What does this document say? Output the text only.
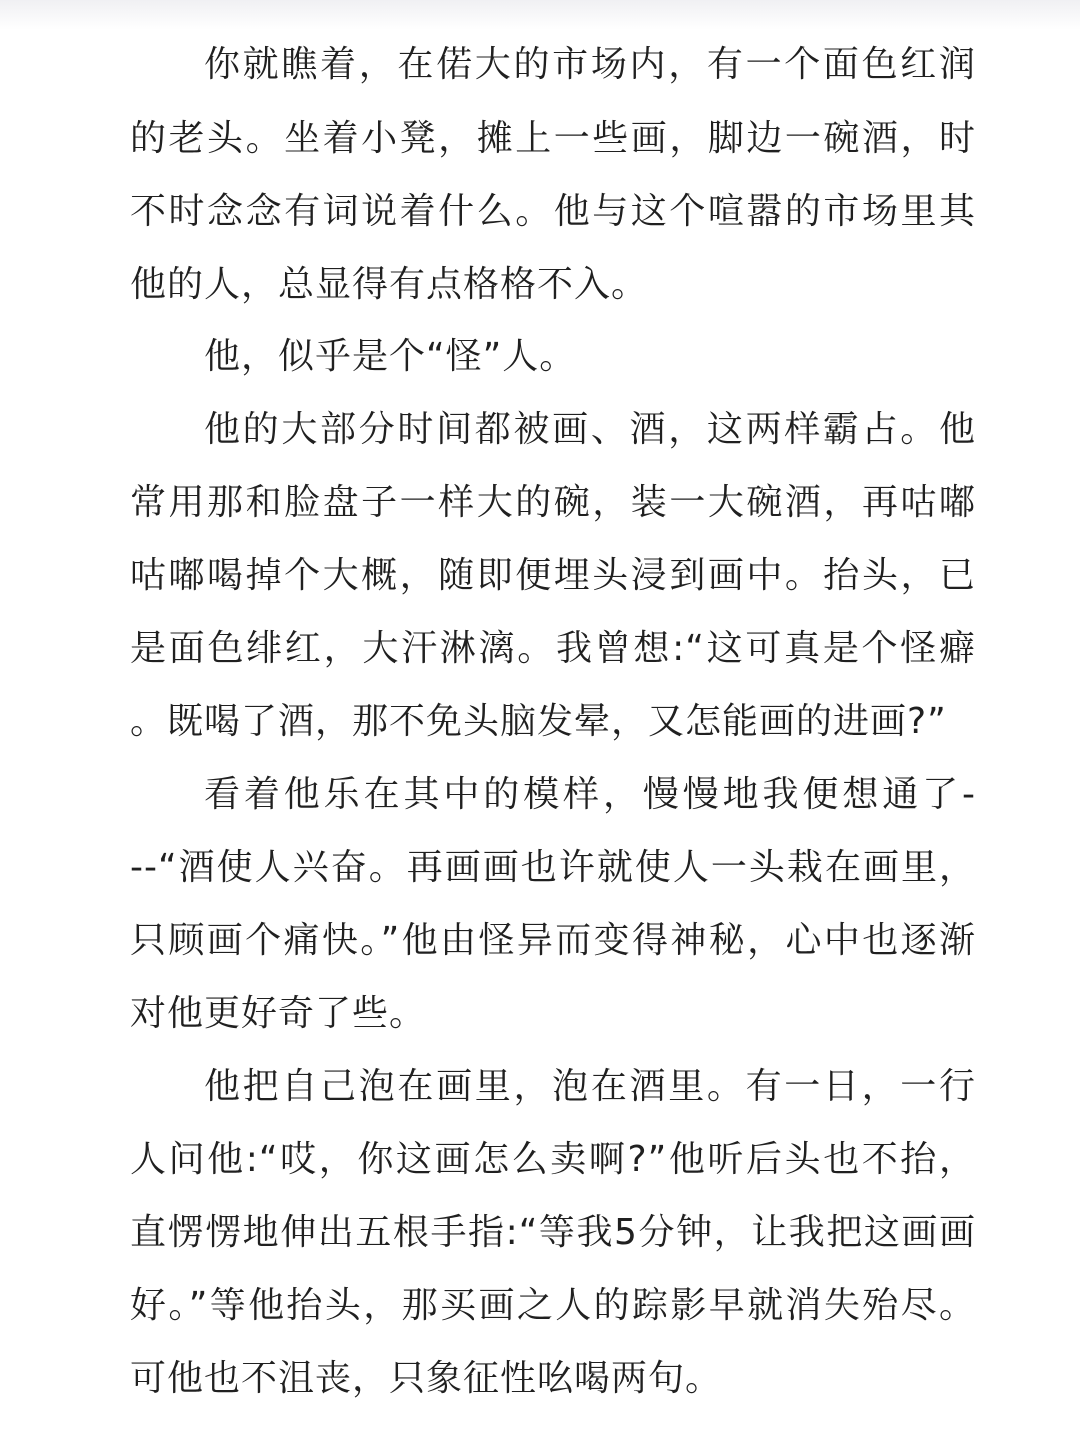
你就瞧着，在偌大的市场内，有一个面色红润
的老头。坐着小凳，摊上一些画，脚边一碗酒，时
不时念念有词说着什么。他与这个喧嚣的市场里其
他的人，总显得有点格格不入。
他，似乎是个“怪”人。
他的大部分时间都被画、酒，这两样霸占。他
常用那和脸盘子一样大的碗，装一大碗酒，再咕嘟
咕嘟喝掉个大概，随即便埋头浸到画中。抬头，已
是面色绯红，大汗淋漓。我曾想:“这可真是个怪癖
。既喝了酒，那不免头脑发晕，又怎能画的进画?”
看着他乐在其中的模样，慢慢地我便想通了-
--“酒使人兴奋。再画画也许就使人一头栽在画里，
只顾画个痛快。”他由怪异而变得神秘，心中也逐渐
对他更好奇了些。
他把自己泡在画里，泡在酒里。有一日，一行
人问他:“哎，你这画怎么卖啊?”他听后头也不抬，
直愣愣地伸出五根手指:“等我5分钟，让我把这画画
好。”等他抬头，那买画之人的踪影早就消失殆尽。
可他也不沮丧，只象征性吆喝两句。
